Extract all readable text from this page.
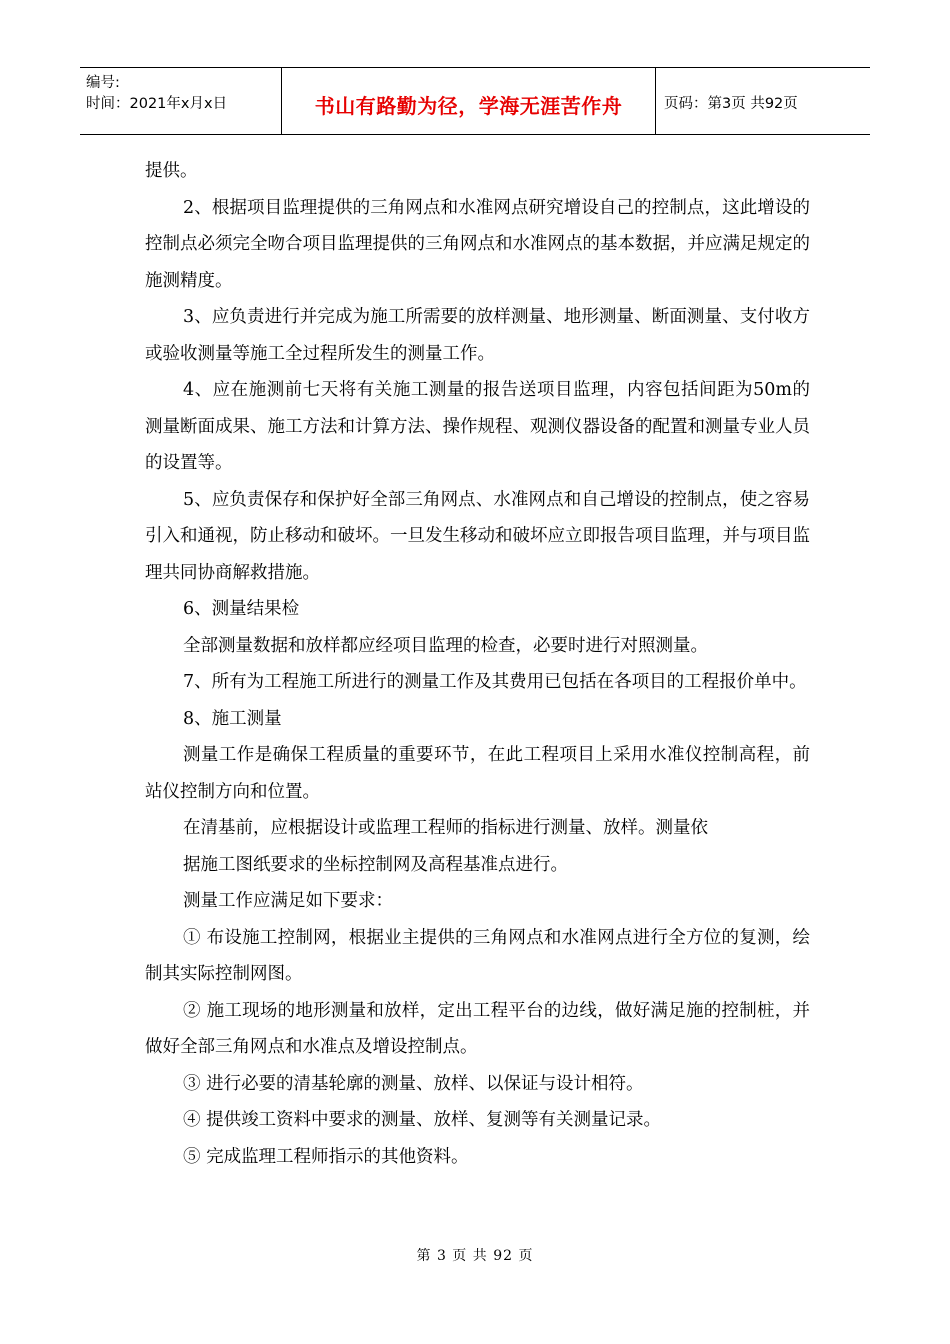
编号:
时间：2021年x月x日	书山有路勤为径，学海无涯苦作舟	页码：第3页 共92页

提供。

2、根据项目监理提供的三角网点和水准网点研究增设自己的控制点，这此增设的控制点必须完全吻合项目监理提供的三角网点和水准网点的基本数据，并应满足规定的施测精度。

3、应负责进行并完成为施工所需要的放样测量、地形测量、断面测量、支付收方或验收测量等施工全过程所发生的测量工作。

4、应在施测前七天将有关施工测量的报告送项目监理，内容包括间距为50m的测量断面成果、施工方法和计算方法、操作规程、观测仪器设备的配置和测量专业人员的设置等。

5、应负责保存和保护好全部三角网点、水准网点和自己增设的控制点，使之容易引入和通视，防止移动和破坏。一旦发生移动和破坏应立即报告项目监理，并与项目监理共同协商解救措施。

6、测量结果检

全部测量数据和放样都应经项目监理的检查，必要时进行对照测量。

7、所有为工程施工所进行的测量工作及其费用已包括在各项目的工程报价单中。

8、施工测量

测量工作是确保工程质量的重要环节，在此工程项目上采用水准仪控制高程，前站仪控制方向和位置。

在清基前，应根据设计或监理工程师的指标进行测量、放样。测量依

据施工图纸要求的坐标控制网及高程基准点进行。

测量工作应满足如下要求：

① 布设施工控制网，根据业主提供的三角网点和水准网点进行全方位的复测，绘制其实际控制网图。

② 施工现场的地形测量和放样，定出工程平台的边线，做好满足施的控制桩，并做好全部三角网点和水准点及增设控制点。

③ 进行必要的清基轮廓的测量、放样、以保证与设计相符。

④ 提供竣工资料中要求的测量、放样、复测等有关测量记录。

⑤ 完成监理工程师指示的其他资料。

第 3 页 共 92 页
